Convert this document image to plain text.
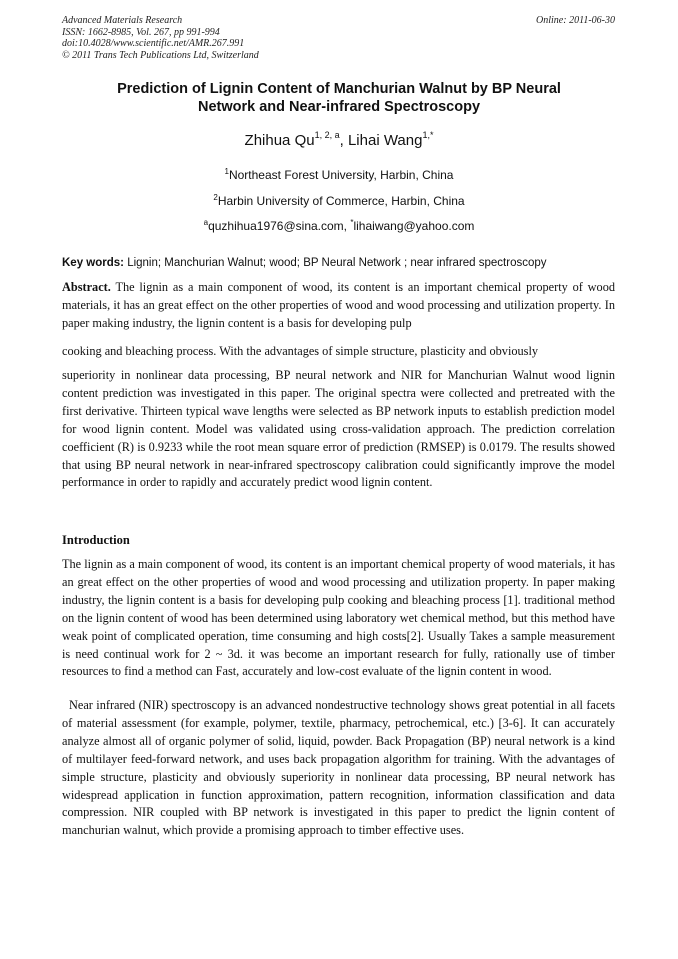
Advanced Materials Research
ISSN: 1662-8985, Vol. 267, pp 991-994
doi:10.4028/www.scientific.net/AMR.267.991
© 2011 Trans Tech Publications Ltd, Switzerland
Online: 2011-06-30
Prediction of Lignin Content of Manchurian Walnut by BP Neural
Network and Near-infrared Spectroscopy
Zhihua Qu$^{1, 2, a}$, Lihai Wang$^{1,*}$
$^1$Northeast Forest University, Harbin, China
$^2$Harbin University of Commerce, Harbin, China
$^a$quzhihua1976@sina.com, *lihaiwang@yahoo.com
Key words: Lignin; Manchurian Walnut; wood; BP Neural Network ; near infrared spectroscopy
Abstract. The lignin as a main component of wood, its content is an important chemical property of wood materials, it has an great effect on the other properties of wood and wood processing and utilization property. In paper making industry, the lignin content is a basis for developing pulp
cooking and bleaching process. With the advantages of simple structure, plasticity and obviously
superiority in nonlinear data processing, BP neural network and NIR for Manchurian Walnut wood lignin content prediction was investigated in this paper. The original spectra were collected and pretreated with the first derivative. Thirteen typical wave lengths were selected as BP network inputs to establish prediction model for wood lignin content. Model was validated using cross-validation approach. The prediction correlation coefficient (R) is 0.9233 while the root mean square error of prediction (RMSEP) is 0.0179. The results showed that using BP neural network in near-infrared spectroscopy calibration could significantly improve the model performance in order to rapidly and accurately predict wood lignin content.
Introduction
The lignin as a main component of wood, its content is an important chemical property of wood materials, it has an great effect on the other properties of wood and wood processing and utilization property. In paper making industry, the lignin content is a basis for developing pulp cooking and bleaching process [1]. traditional method on the lignin content of wood has been determined using laboratory wet chemical method, but this method have weak point of complicated operation, time consuming and high costs[2]. Usually Takes a sample measurement is need continual work for 2 ~ 3d. it was become an important research for fully, rationally use of timber resources to find a method can Fast, accurately and low-cost evaluate of the lignin content in wood.
Near infrared (NIR) spectroscopy is an advanced nondestructive technology shows great potential in all facets of material assessment (for example, polymer, textile, pharmacy, petrochemical, etc.) [3-6]. It can accurately analyze almost all of organic polymer of solid, liquid, powder. Back Propagation (BP) neural network is a kind of multilayer feed-forward network, and uses back propagation algorithm for training. With the advantages of simple structure, plasticity and obviously superiority in nonlinear data processing, BP neural network has widespread application in function approximation, pattern recognition, information classification and data compression. NIR coupled with BP network is investigated in this paper to predict the lignin content of manchurian walnut, which provide a promising approach to timber effective uses.
